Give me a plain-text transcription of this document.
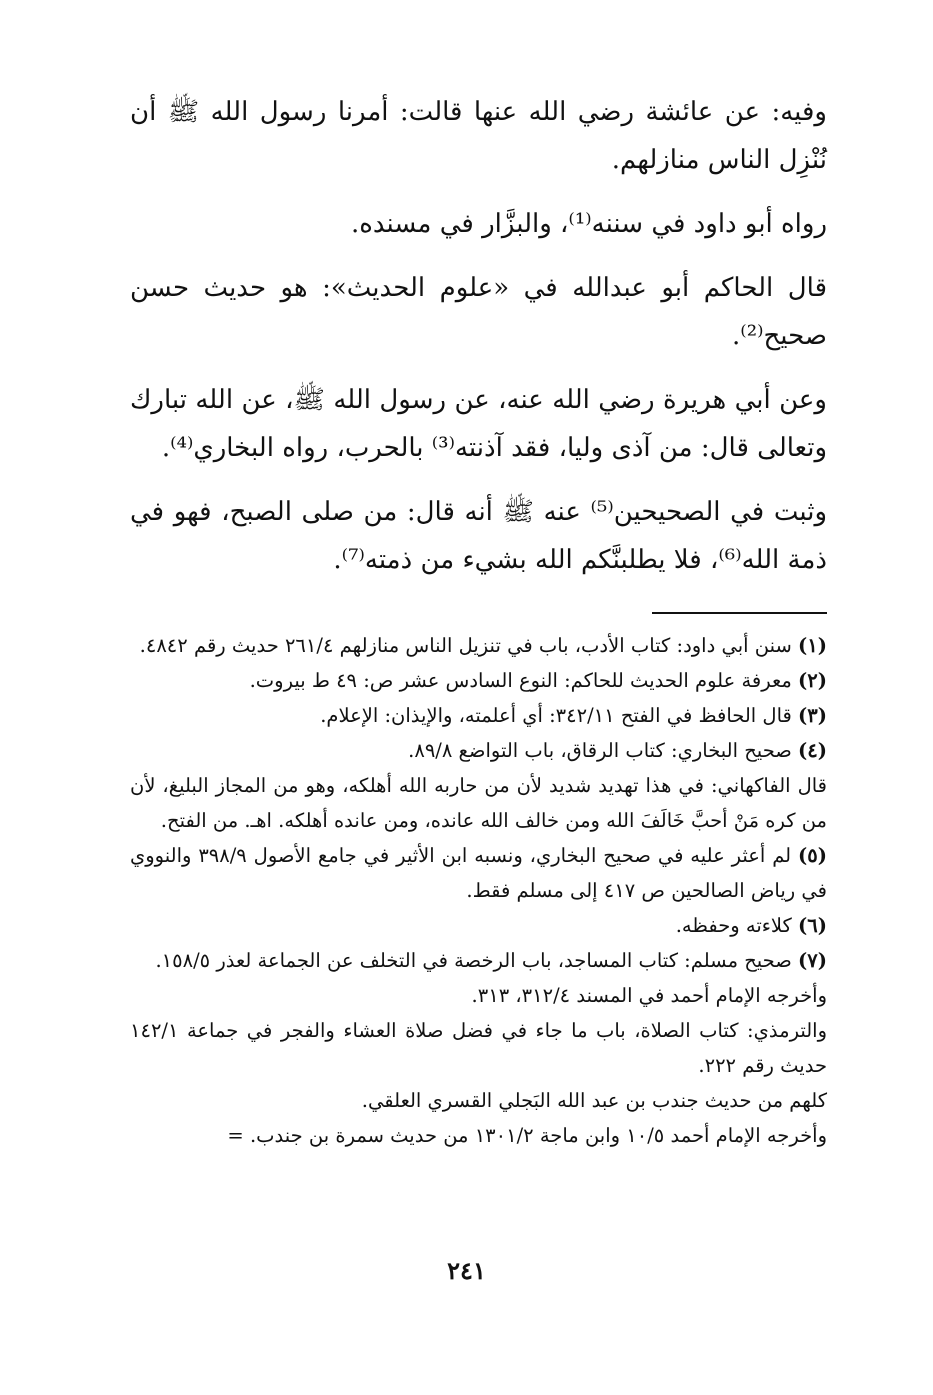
وفيه: عن عائشة رضي الله عنها قالت: أمرنا رسول الله ﷺ أن نُنْزِل الناس منازلهم.

رواه أبو داود في سننه⁽¹⁾، والبزَّار في مسنده.

قال الحاكم أبو عبدالله في «علوم الحديث»: هو حديث حسن صحيح⁽²⁾.

وعن أبي هريرة رضي الله عنه، عن رسول الله ﷺ، عن الله تبارك وتعالى قال: من آذى وليا، فقد آذنته⁽³⁾ بالحرب، رواه البخاري⁽⁴⁾.

وثبت في الصحيحين⁽⁵⁾ عنه ﷺ أنه قال: من صلى الصبح، فهو في ذمة الله⁽⁶⁾، فلا يطلبنَّكم الله بشيء من ذمته⁽⁷⁾.

(١) سنن أبي داود: كتاب الأدب، باب في تنزيل الناس منازلهم ٢٦١/٤ حديث رقم ٤٨٤٢.

(٢) معرفة علوم الحديث للحاكم: النوع السادس عشر ص: ٤٩ ط بيروت.

(٣) قال الحافظ في الفتح ٣٤٢/١١: أي أعلمته، والإيذان: الإعلام.

(٤) صحيح البخاري: كتاب الرقاق، باب التواضع ٨٩/٨.

قال الفاكهاني: في هذا تهديد شديد لأن من حاربه الله أهلكه، وهو من المجاز البليغ، لأن من كره مَنْ أحبَّ خَالَفَ الله ومن خالف الله عانده، ومن عانده أهلكه. اهـ. من الفتح.

(٥) لم أعثر عليه في صحيح البخاري، ونسبه ابن الأثير في جامع الأصول ٣٩٨/٩ والنووي في رياض الصالحين ص ٤١٧ إلى مسلم فقط.

(٦) كلاءته وحفظه.

(٧) صحيح مسلم: كتاب المساجد، باب الرخصة في التخلف عن الجماعة لعذر ١٥٨/٥.

وأخرجه الإمام أحمد في المسند ٣١٢/٤، ٣١٣.

والترمذي: كتاب الصلاة، باب ما جاء في فضل صلاة العشاء والفجر في جماعة ١٤٢/١ حديث رقم ٢٢٢.

كلهم من حديث جندب بن عبد الله البَجلي القسري العلقي.

وأخرجه الإمام أحمد ١٠/٥ وابن ماجة ١٣٠١/٢ من حديث سمرة بن جندب. =

٢٤١
